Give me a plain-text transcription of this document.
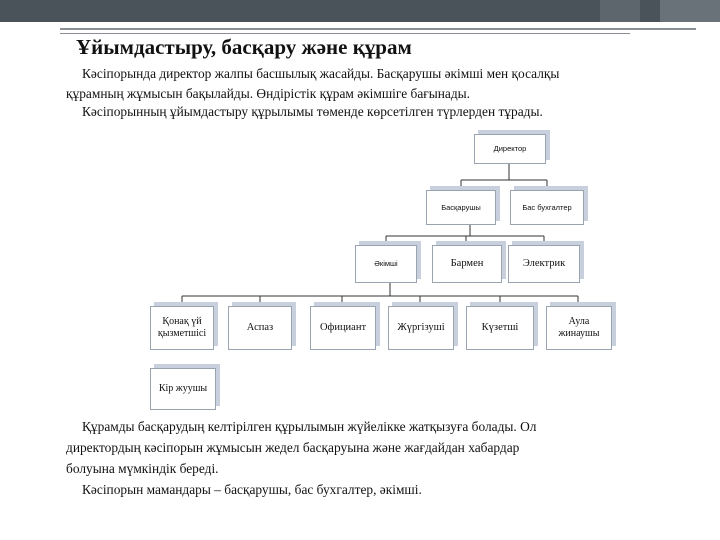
Ұйымдастыру, басқару және құрам
Кәсіпорында директор жалпы басшылық жасайды. Басқарушы әкімші мен қосалқы
құрамның жұмысын бақылайды. Өндірістік құрам әкімшіге бағынады.
Кәсіпорынның ұйымдастыру құрылымы төменде көрсетілген түрлерден тұрады.
Директор
Басқарушы	Бас бухгалтер
Әкімші	Бармен	Электрик
Қонақ үй қызметшісі
Аспаз	Официант	Жүргізуші	Күзетші
Аула жинаушы
Кір жуушы
Құрамды басқарудың келтірілген құрылымын жүйелікке жатқызуға болады. Ол
директордың кәсіпорын жұмысын жедел басқаруына және жағдайдан хабардар
болуына мүмкіндік береді.
Кәсіпорын мамандары – басқарушы, бас бухгалтер, әкімші.
